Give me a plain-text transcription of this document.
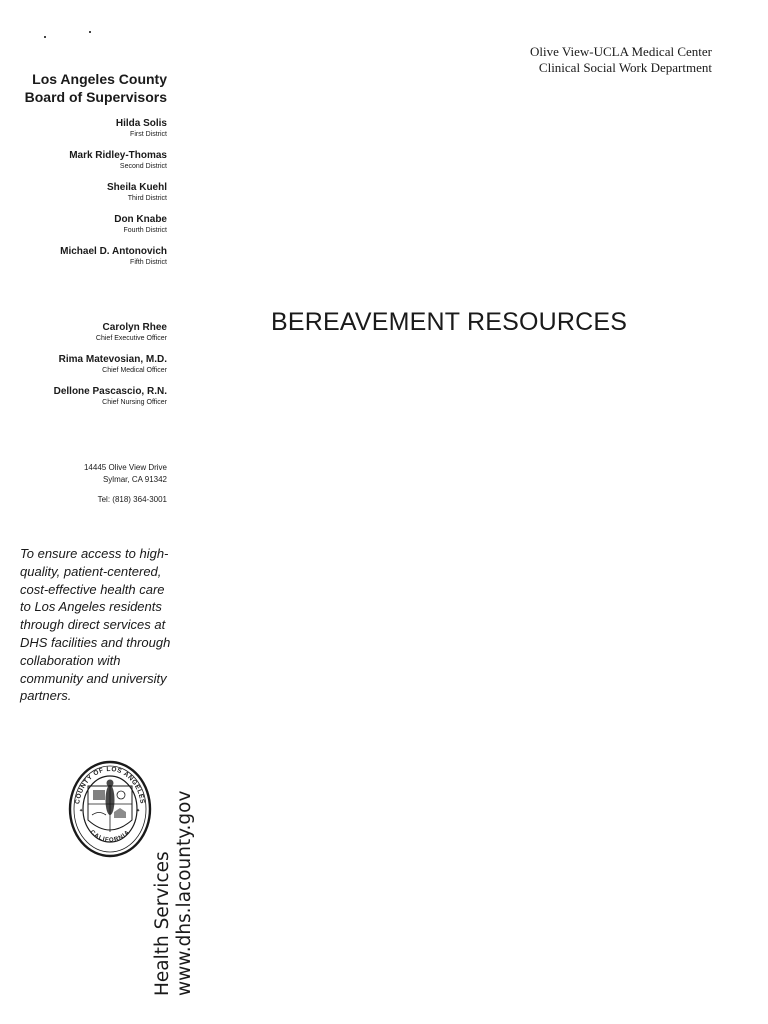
Olive View-UCLA Medical Center
Clinical Social Work Department
Los Angeles County
Board of Supervisors
Hilda Solis
First District
Mark Ridley-Thomas
Second District
Sheila Kuehl
Third District
Don Knabe
Fourth District
Michael D. Antonovich
Fifth District
Carolyn Rhee
Chief Executive Officer
Rima Matevosian, M.D.
Chief Medical Officer
Dellone Pascascio, R.N.
Chief Nursing Officer
14445 Olive View Drive
Sylmar, CA 91342
Tel: (818) 364-3001
BEREAVEMENT RESOURCES
To ensure access to high-quality, patient-centered, cost-effective health care to Los Angeles residents through direct services at DHS facilities and through collaboration with community and university partners.
COUNTY OF LOS ANGELES
CALIFORNIA
✦	✦
Health Services www.dhs.lacounty.gov
